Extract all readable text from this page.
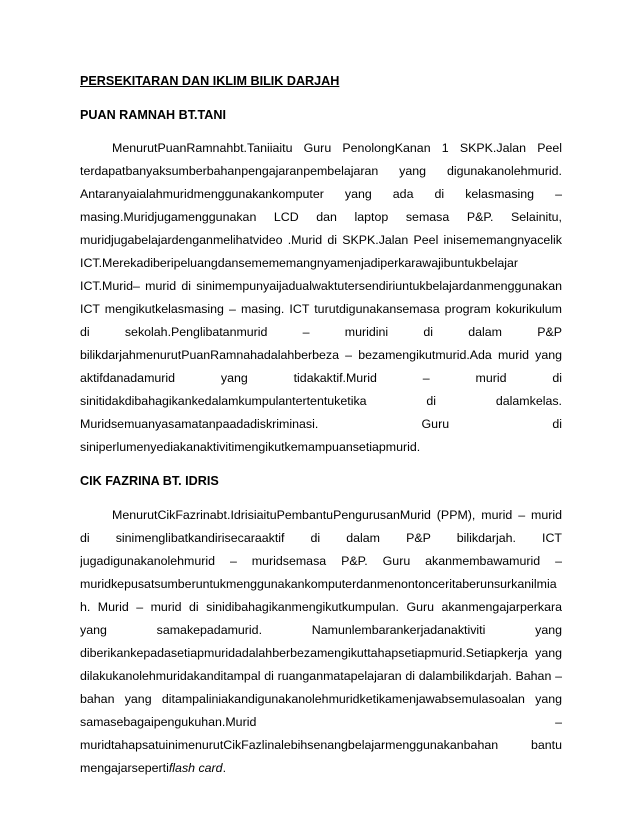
PERSEKITARAN DAN IKLIM BILIK DARJAH
PUAN RAMNAH BT.TANI
MenurutPuanRamnahbt.Taniiaitu Guru PenolongKanan 1 SKPK.Jalan Peel
terdapatbanyaksumberbahanpengajaranpembelajaran yang digunakanolehmurid.
Antaranyaialahmuridmenggunakankomputer yang ada di kelasmasing –
masing.Muridjugamenggunakan LCD dan laptop semasa P&P. Selainitu,
muridjugabelajardenganmelihatvideo .Murid di SKPK.Jalan Peel inisememangnyacelik
ICT.Merekadiberipeluangdansemememangnyamenjadiperkarawajibuntukbelajar
ICT.Murid– murid di sinimempunyaijadualwaktutersendiriuntukbelajardanmenggunakan
ICT mengikutkelasmasing – masing. ICT turutdigunakansemasa program kokurikulum
di sekolah.Penglibatanmurid – muridini di dalam P&P
bilikdarjahmenurutPuanRamnahadalahberbeza – bezamengikutmurid.Ada murid yang
aktifdanadamurid yang tidakaktif.Murid – murid di
sinitidakdibahagikankedalamkumpulantertentuketika di dalamkelas.
Muridsemuanyasamatanpaadadiskriminasi. Guru di
siniperlumenyediakanaktivitimengikutkemampuansetiapmurid.
CIK FAZRINA BT. IDRIS
MenurutCikFazrinabt.IdrisiaituPembantuPengurusanMurid (PPM), murid – murid
di sinimenglibatkandirisecaraaktif di dalam P&P bilikdarjah. ICT
jugadigunakanolehmurid – muridsemasa P&P. Guru akanmembawamurid –
muridkepusatsumberuntukmenggunakankomputerdanmenontonceritaberunsurkanilmia
h. Murid – murid di sinidibahagikanmengikutkumpulan. Guru akanmengajarperkara
yang samakepadamurid. Namunlembarankerjadanaktiviti yang
diberikankepadasetiapmuridadalahberbezamengikuttahapsetiapmurid.Setiapkerja yang
dilakukanolehmuridakanditampal di ruanganmatapelajaran di dalambilikdarjah. Bahan –
bahan yang ditampaliniakandigunakanolehmuridketikamenjawabsemulasoalan yang
samasebagaipengukuhan.Murid –
muridtahapsatuinimenurutCikFazlinalebihsenangbelajarmenggunakanbahan bantu
mengajarsepertiflash card.
